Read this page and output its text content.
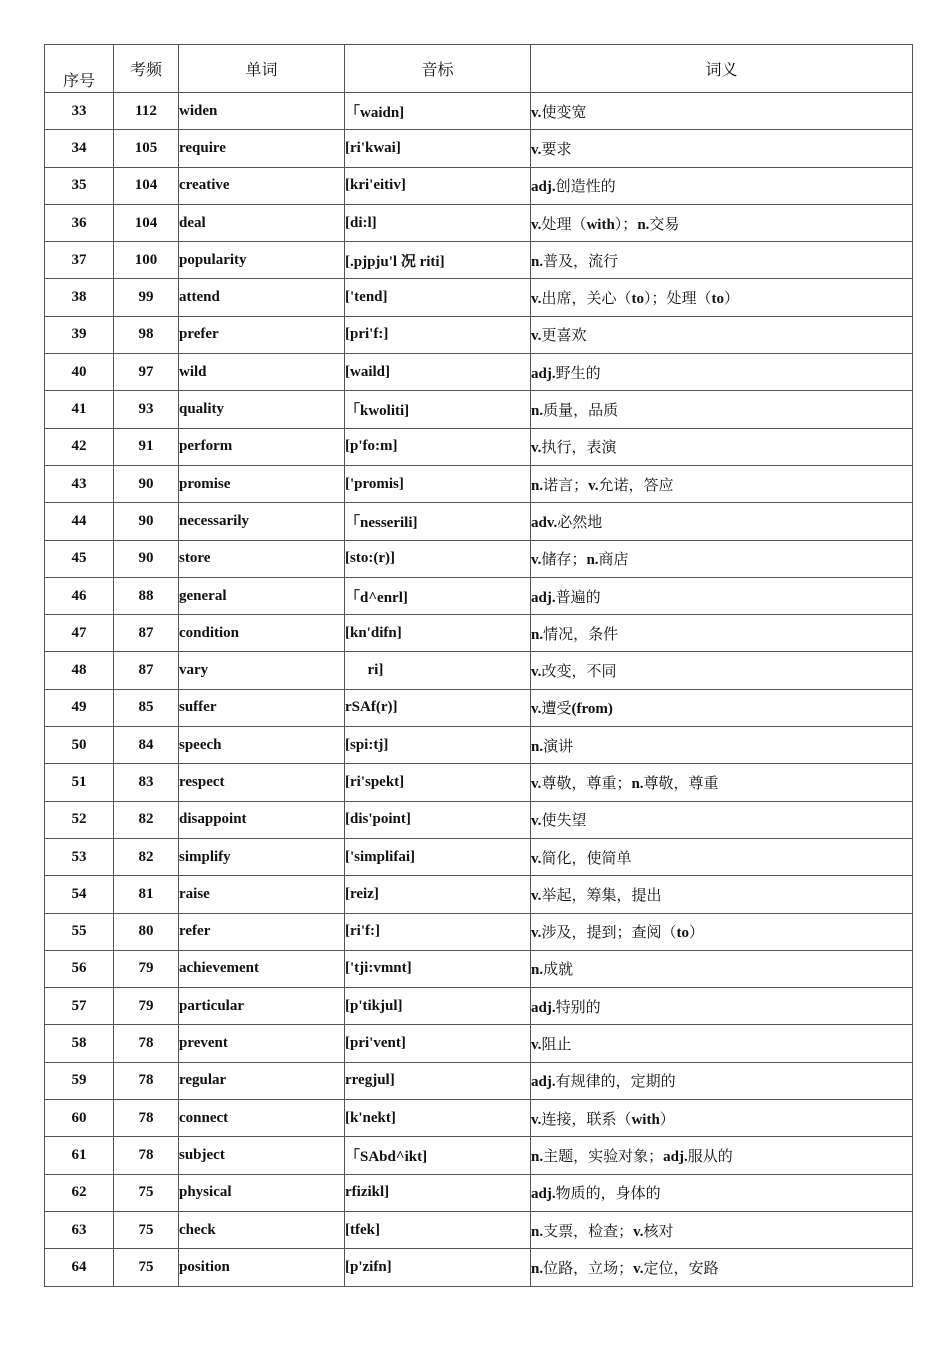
序号	考频	单词	音标	词义
33	112	widen	「waidn]	v.使变宽
34	105	require	[ri'kwai]	v.要求
35	104	creative	[kri'eitiv]	adj.创造性的
36	104	deal	[di:l]	v.处理（with）；n.交易
37	100	popularity	[.pjpju'l 况 riti]	n.普及，流行
38	99	attend	['tend]	v.出席，关心（to）；处理（to）
39	98	prefer	[pri'f:]	v.更喜欢
40	97	wild	[waild]	adj.野生的
41	93	quality	「kwoliti]	n.质量，品质
42	91	perform	[p'fo:m]	v.执行，表演
43	90	promise	['promis]	n.诺言；v.允诺，答应
44	90	necessarily	「nesserili]	adv.必然地
45	90	store	[sto:(r)]	v.储存；n.商店
46	88	general	「d^enrl]	adj.普遍的
47	87	condition	[kn'difn]	n.情况，条件
48	87	vary	ri]	v.改变，不同
49	85	suffer	rSAf(r)]	v.遭受(from)
50	84	speech	[spi:tj]	n.演讲
51	83	respect	[ri'spekt]	v.尊敬，尊重；n.尊敬，尊重
52	82	disappoint	[dis'point]	v.使失望
53	82	simplify	['simplifai]	v.简化，使简单
54	81	raise	[reiz]	v.举起，筹集，提出
55	80	refer	[ri'f:]	v.涉及，提到；查阅（to）
56	79	achievement	['tji:vmnt]	n.成就
57	79	particular	[p'tikjul]	adj.特别的
58	78	prevent	[pri'vent]	v.阻止
59	78	regular	rregjul]	adj.有规律的，定期的
60	78	connect	[k'nekt]	v.连接，联系（with）
61	78	subject	「SAbd^ikt]	n.主题，实验对象；adj.服从的
62	75	physical	rfizikl]	adj.物质的，身体的
63	75	check	[tfek]	n.支票，检查；v.核对
64	75	position	[p'zifn]	n.位路，立场；v.定位，安路
